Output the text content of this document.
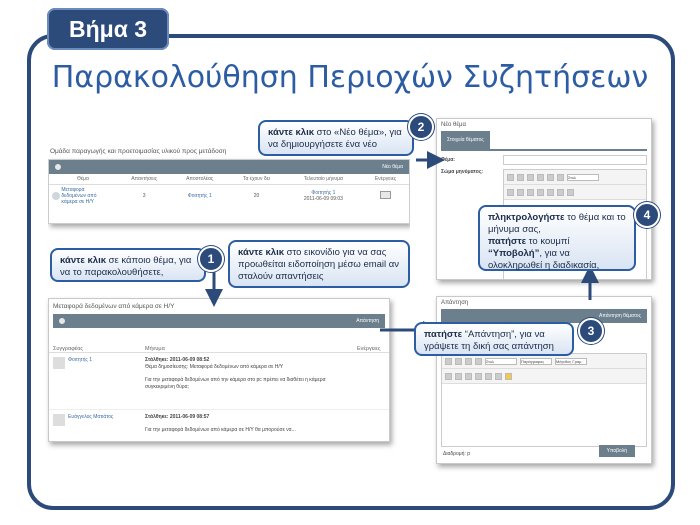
Βήμα 3
Παρακολούθηση Περιοχών Συζητήσεων
Ομάδα παραγωγής και προετοιμασίας υλικού προς μετάδοση
Νέο θέμα
Θέμα	Απαντήσεις	Αποστολέας	Τα έχουν δει	Τελευταίο μήνυμα	Ενέργειες
Μεταφορά δεδομένων από κάμερα σε Η/Υ	3	Φοιτητής 1	20	Φοιτητής 1
2011-06-09 09:03	

Μεταφορά δεδομένων από κάμερα σε Η/Υ
Απάντηση
Συγγραφέας	Μήνυμα	Ενέργειες
Φοιτητής 1	Στάλθηκε: 2011-06-09 08:52
Θέμα δημοσίευσης: Μεταφορά δεδομένων από κάμερα σε Η/Υ
Για την μεταφορά δεδομένων από την κάμερα στο pc πρέπει να διαθέτει η κάμερα συγκεκριμένη θύρα;
Ευάγγελος Ματιάτος	Στάλθηκε: 2011-06-09 08:57
Για την μεταφορά δεδομένων από κάμερα σε Η/Υ θα μπορούσε να...
Νέο θέμα
Στοιχεία θέματος
Θέμα:
Σώμα μηνύματος:
Στυλ
Απάντηση
Απάντηση θέματος
Στυλ	Παράγραφος	Μέγεθος Γραμ
Διαδρομή: p	Υποβολή
κάντε κλικ στο «Νέο θέμα», για να δημιουργήσετε ένα νέο
2
κάντε κλικ σε κάποιο θέμα, για να το παρακολουθήσετε,
1	κάντε κλικ στο εικονίδιο για να σας προωθείται ειδοποίηση μέσω email αν σταλούν απαντήσεις
πατήστε “Απάντηση”, για να γράψετε τη δική σας απάντηση
3
πληκτρολογήστε το θέμα και το μήνυμα σας,
πατήστε το κουμπί “Υποβολή”, για να ολοκληρωθεί η διαδικασία,
4
